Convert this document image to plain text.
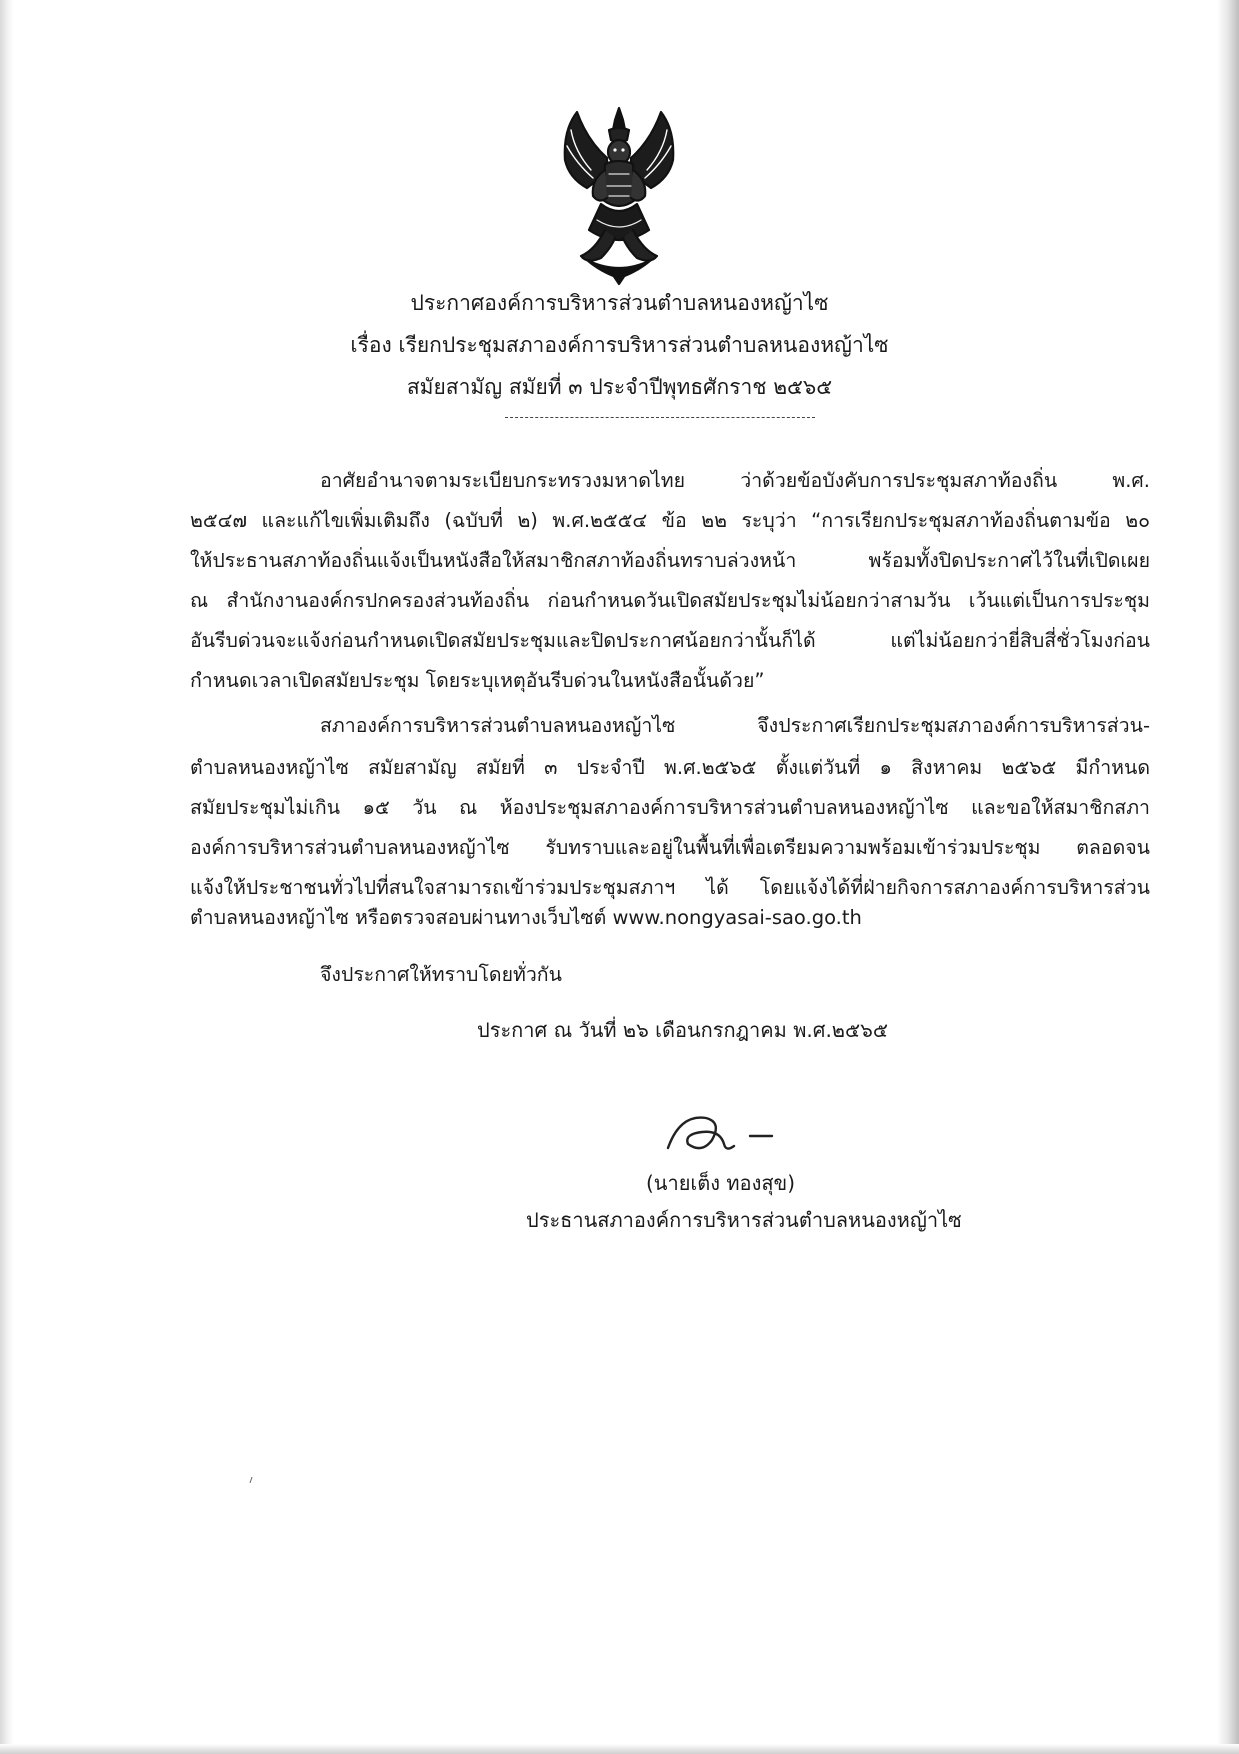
ประกาศองค์การบริหารส่วนตำบลหนองหญ้าไซ
เรื่อง เรียกประชุมสภาองค์การบริหารส่วนตำบลหนองหญ้าไซ
สมัยสามัญ สมัยที่ ๓ ประจำปีพุทธศักราช ๒๕๖๕
อาศัยอำนาจตามระเบียบกระทรวงมหาดไทย ว่าด้วยข้อบังคับการประชุมสภาท้องถิ่น พ.ศ.
๒๕๔๗ และแก้ไขเพิ่มเติมถึง (ฉบับที่ ๒) พ.ศ.๒๕๕๔ ข้อ ๒๒ ระบุว่า “การเรียกประชุมสภาท้องถิ่นตามข้อ ๒๐
ให้ประธานสภาท้องถิ่นแจ้งเป็นหนังสือให้สมาชิกสภาท้องถิ่นทราบล่วงหน้า พร้อมทั้งปิดประกาศไว้ในที่เปิดเผย
ณ สำนักงานองค์กรปกครองส่วนท้องถิ่น ก่อนกำหนดวันเปิดสมัยประชุมไม่น้อยกว่าสามวัน เว้นแต่เป็นการประชุม
อันรีบด่วนจะแจ้งก่อนกำหนดเปิดสมัยประชุมและปิดประกาศน้อยกว่านั้นก็ได้ แต่ไม่น้อยกว่ายี่สิบสี่ชั่วโมงก่อน
กำหนดเวลาเปิดสมัยประชุม โดยระบุเหตุอันรีบด่วนในหนังสือนั้นด้วย”
สภาองค์การบริหารส่วนตำบลหนองหญ้าไซ จึงประกาศเรียกประชุมสภาองค์การบริหารส่วน-
ตำบลหนองหญ้าไซ สมัยสามัญ สมัยที่ ๓ ประจำปี พ.ศ.๒๕๖๕ ตั้งแต่วันที่ ๑ สิงหาคม ๒๕๖๕ มีกำหนด
สมัยประชุมไม่เกิน ๑๕ วัน ณ ห้องประชุมสภาองค์การบริหารส่วนตำบลหนองหญ้าไซ และขอให้สมาชิกสภา
องค์การบริหารส่วนตำบลหนองหญ้าไซ รับทราบและอยู่ในพื้นที่เพื่อเตรียมความพร้อมเข้าร่วมประชุม ตลอดจน
แจ้งให้ประชาชนทั่วไปที่สนใจสามารถเข้าร่วมประชุมสภาฯ ได้ โดยแจ้งได้ที่ฝ่ายกิจการสภาองค์การบริหารส่วน
ตำบลหนองหญ้าไซ หรือตรวจสอบผ่านทางเว็บไซต์ www.nongyasai-sao.go.th
จึงประกาศให้ทราบโดยทั่วกัน
ประกาศ ณ วันที่ ๒๖ เดือนกรกฎาคม พ.ศ.๒๕๖๕
(นายเต็ง ทองสุข)
ประธานสภาองค์การบริหารส่วนตำบลหนองหญ้าไซ
